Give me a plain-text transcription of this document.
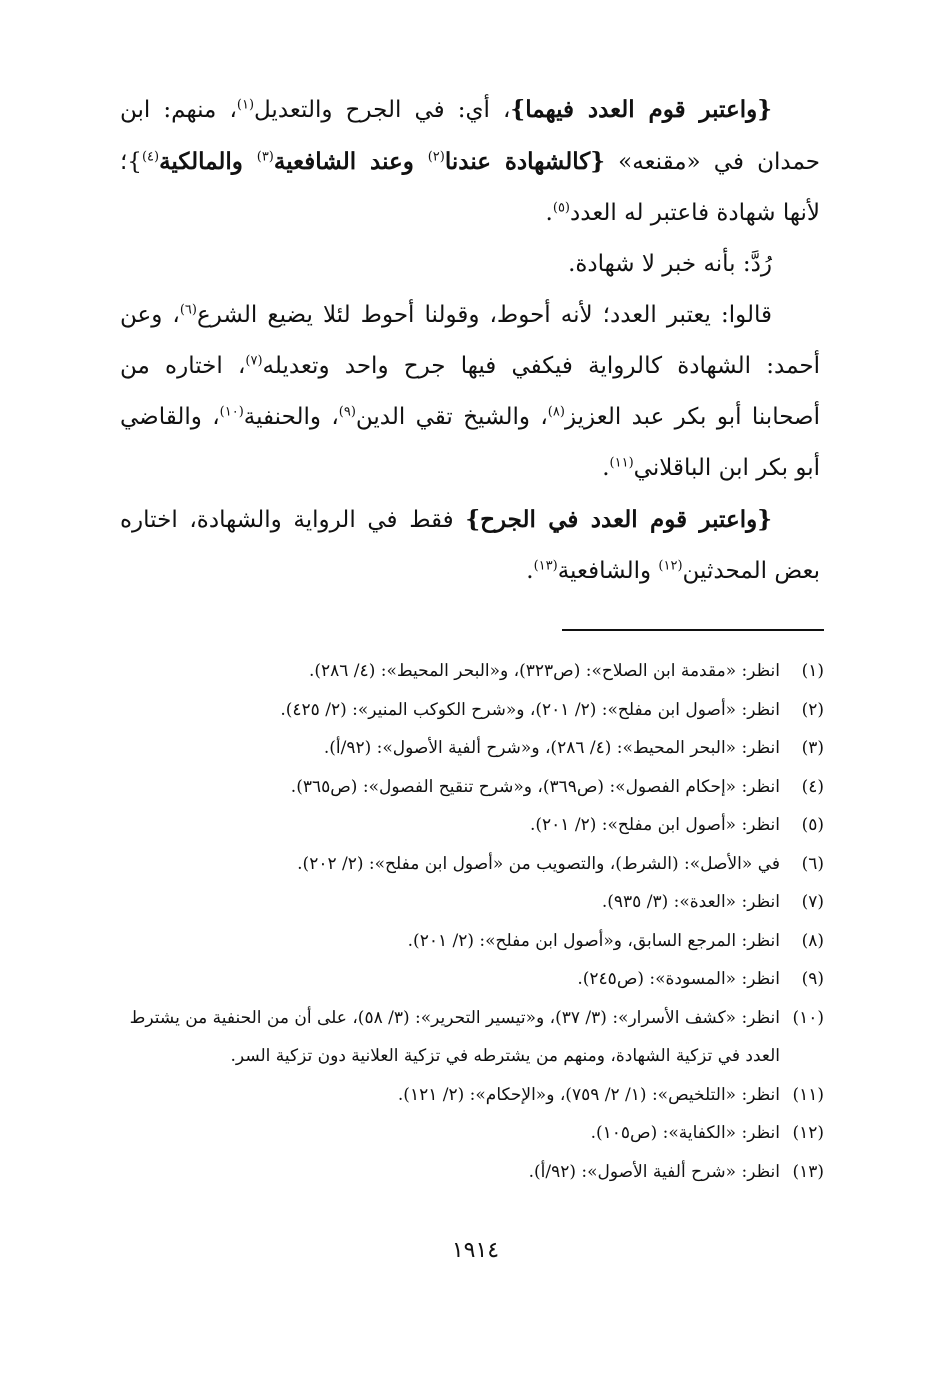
{واعتبر قوم العدد فيهما}، أي: في الجرح والتعديل$^{(١)}$، منهم: ابن حمدان في «مقنعه» {كالشهادة عندنا$^{(٢)}$ وعند الشافعية$^{(٣)}$ والمالكية$^{(٤)}$}؛ لأنها شهادة فاعتبر له العدد$^{(٥)}$.

رُدَّ: بأنه خبر لا شهادة.

قالوا: يعتبر العدد؛ لأنه أحوط، وقولنا أحوط لئلا يضيع الشرع$^{(٦)}$، وعن أحمد: الشهادة كالرواية فيكفي فيها جرح واحد وتعديله$^{(٧)}$، اختاره من أصحابنا أبو بكر عبد العزيز$^{(٨)}$، والشيخ تقي الدين$^{(٩)}$، والحنفية$^{(١٠)}$، والقاضي أبو بكر ابن الباقلاني$^{(١١)}$.

{واعتبر قوم العدد في الجرح} فقط في الرواية والشهادة، اختاره بعض المحدثين$^{(١٢)}$ والشافعية$^{(١٣)}$.

(١)
انظر: «مقدمة ابن الصلاح»: (ص٣٢٣)، و«البحر المحيط»: (٤/ ٢٨٦).
(٢)
انظر: «أصول ابن مفلح»: (٢/ ٢٠١)، و«شرح الكوكب المنير»: (٢/ ٤٢٥).
(٣)
انظر: «البحر المحيط»: (٤/ ٢٨٦)، و«شرح ألفية الأصول»: (٩٢/أ).
(٤)
انظر: «إحكام الفصول»: (ص٣٦٩)، و«شرح تنقيح الفصول»: (ص٣٦٥).
(٥)
انظر: «أصول ابن مفلح»: (٢/ ٢٠١).
(٦)
في «الأصل»: (الشرط)، والتصويب من «أصول ابن مفلح»: (٢/ ٢٠٢).
(٧)
انظر: «العدة»: (٣/ ٩٣٥).
(٨)
انظر: المرجع السابق، و«أصول ابن مفلح»: (٢/ ٢٠١).
(٩)
انظر: «المسودة»: (ص٢٤٥).
(١٠)
انظر: «كشف الأسرار»: (٣/ ٣٧)، و«تيسير التحرير»: (٣/ ٥٨)، على أن من الحنفية من يشترط العدد في تزكية الشهادة، ومنهم من يشترطه في تزكية العلانية دون تزكية السر.
(١١)
انظر: «التلخيص»: (١/ ٢/ ٧٥٩)، و«الإحكام»: (٢/ ١٢١).
(١٢)
انظر: «الكفاية»: (ص١٠٥).
(١٣)
انظر: «شرح ألفية الأصول»: (٩٢/أ).
١٩١٤
